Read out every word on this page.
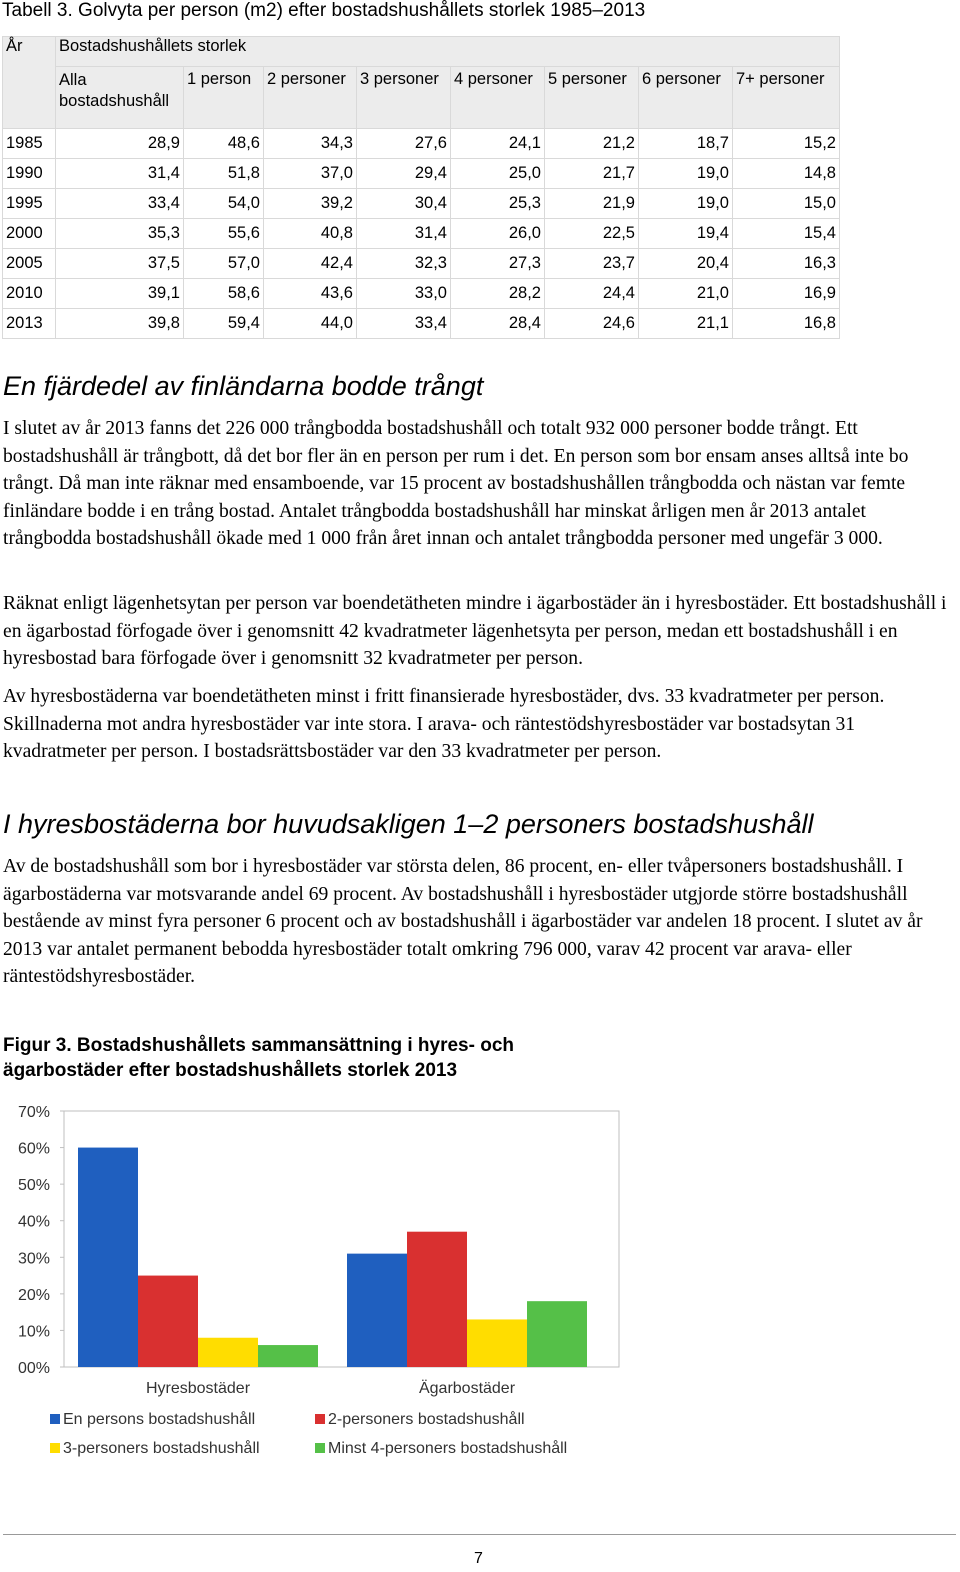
Tabell 3. Golvyta per person (m2) efter bostadshushållets storlek 1985–2013
År	Bostadshushållets storlek							
	Alla bostadshushåll	1 person	2 personer	3 personer	4 personer	5 personer	6 personer	7+ personer
1985	28,9	48,6	34,3	27,6	24,1	21,2	18,7	15,2
1990	31,4	51,8	37,0	29,4	25,0	21,7	19,0	14,8
1995	33,4	54,0	39,2	30,4	25,3	21,9	19,0	15,0
2000	35,3	55,6	40,8	31,4	26,0	22,5	19,4	15,4
2005	37,5	57,0	42,4	32,3	27,3	23,7	20,4	16,3
2010	39,1	58,6	43,6	33,0	28,2	24,4	21,0	16,9
2013	39,8	59,4	44,0	33,4	28,4	24,6	21,1	16,8
En fjärdedel av finländarna bodde trångt

I slutet av år 2013 fanns det 226 000 trångbodda bostadshushåll och totalt 932 000 personer bodde trångt. Ett bostadshushåll är trångbott, då det bor fler än en person per rum i det. En person som bor ensam anses alltså inte bo trångt. Då man inte räknar med ensamboende, var 15 procent av bostadshushållen trångbodda och nästan var femte finländare bodde i en trång bostad. Antalet trångbodda bostadshushåll har minskat årligen men år 2013 antalet trångbodda bostadshushåll ökade med 1 000 från året innan och antalet trångbodda personer med ungefär 3 000.

Räknat enligt lägenhetsytan per person var boendetätheten mindre i ägarbostäder än i hyresbostäder. Ett bostadshushåll i en ägarbostad förfogade över i genomsnitt 42 kvadratmeter lägenhetsyta per person, medan ett bostadshushåll i en hyresbostad bara förfogade över i genomsnitt 32 kvadratmeter per person.

Av hyresbostäderna var boendetätheten minst i fritt finansierade hyresbostäder, dvs. 33 kvadratmeter per person. Skillnaderna mot andra hyresbostäder var inte stora. I arava- och räntestödshyresbostäder var bostadsytan 31 kvadratmeter per person. I bostadsrättsbostäder var den 33 kvadratmeter per person.

I hyresbostäderna bor huvudsakligen 1–2 personers bostadshushåll

Av de bostadshushåll som bor i hyresbostäder var största delen, 86 procent, en- eller tvåpersoners bostadshushåll. I ägarbostäderna var motsvarande andel 69 procent. Av bostadshushåll i hyresbostäder utgjorde större bostadshushåll bestående av minst fyra personer 6 procent och av bostadshushåll i ägarbostäder var andelen 18 procent. I slutet av år 2013 var antalet permanent bebodda hyresbostäder totalt omkring 796 000, varav 42 procent var arava- eller räntestödshyresbostäder.

Figur 3. Bostadshushållets sammansättning i hyres- och ägarbostäder efter bostadshushållets storlek 2013

00%
10%
20%
30%
40%
50%
60%
70%
Hyresbostäder	Ägarbostäder
En persons bostadshushåll	2-personers bostadshushåll
3-personers bostadshushåll	Minst 4-personers bostadshushåll
7
